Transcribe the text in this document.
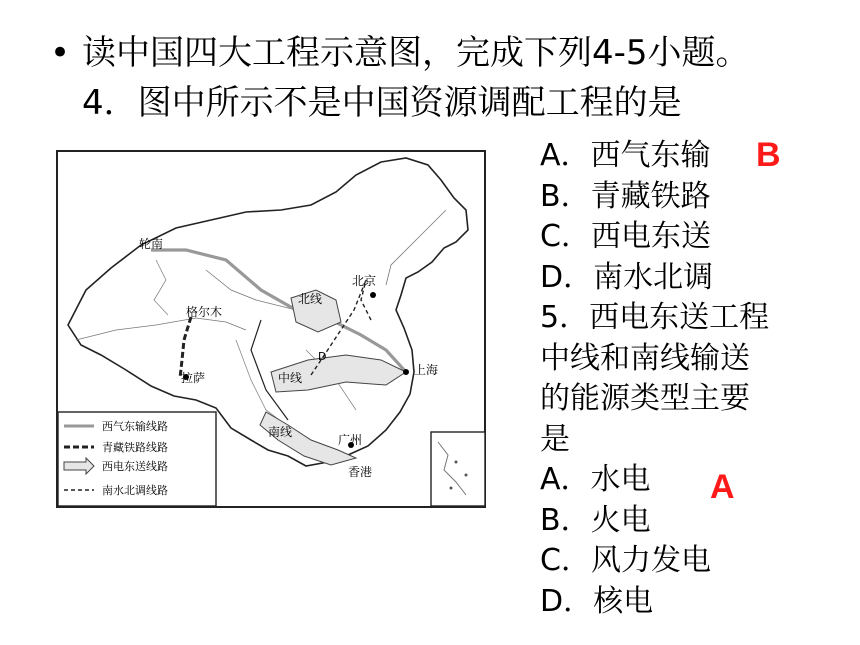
• 读中国四大工程示意图，完成下列4-5小题。
4．图中所示不是中国资源调配工程的是
轮南
格尔木
拉萨
北京
上海
广州
香港
北线
中线
南线
D
西气东输线路
青藏铁路线路
西电东送线路
南水北调线路
A．西气东输
B．青藏铁路
C．西电东送
D．南水北调
5．西电东送工程
中线和南线输送
的能源类型主要
是
A．水电
B．火电
C．风力发电
D．核电
B
A
